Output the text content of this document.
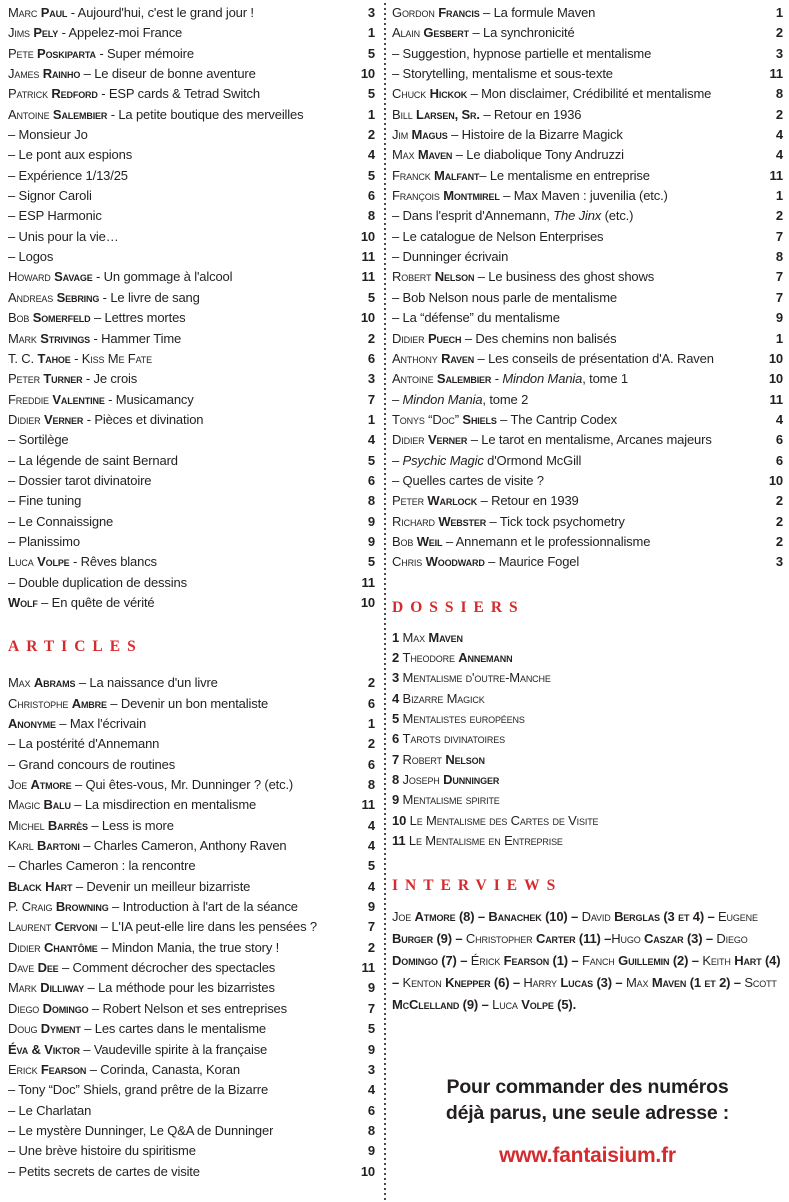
Marc Paul - Aujourd'hui, c'est le grand jour !	3
Jims Pely - Appelez-moi France	1
Pete Poskiparta - Super mémoire	5
James Rainho – Le diseur de bonne aventure	10
Patrick Redford - ESP cards & Tetrad Switch	5
Antoine Salembier - La petite boutique des merveilles	1
– Monsieur Jo	2
– Le pont aux espions	4
– Expérience 1/13/25	5
– Signor Caroli	6
– ESP Harmonic	8
– Unis pour la vie…	10
– Logos	11
Howard Savage - Un gommage à l'alcool	11
Andreas Sebring - Le livre de sang	5
Bob Somerfeld – Lettres mortes	10
Mark Strivings - Hammer Time	2
T. C. Tahoe - Kiss Me Fate	6
Peter Turner - Je crois	3
Freddie Valentine - Musicamancy	7
Didier Verner - Pièces et divination	1
– Sortilège	4
– La légende de saint Bernard	5
– Dossier tarot divinatoire	6
– Fine tuning	8
– Le Connaissigne	9
– Planissimo	9
Luca Volpe - Rêves blancs	5
– Double duplication de dessins	11
Wolf – En quête de vérité	10
ARTICLES
Max Abrams – La naissance d'un livre	2
Christophe Ambre – Devenir un bon mentaliste	6
Anonyme – Max l'écrivain	1
– La postérité d'Annemann	2
– Grand concours de routines	6
Joe Atmore – Qui êtes-vous, Mr. Dunninger ? (etc.)	8
Magic Balu – La misdirection en mentalisme	11
Michel Barrès – Less is more	4
Karl Bartoni – Charles Cameron, Anthony Raven	4
– Charles Cameron : la rencontre	5
Black Hart – Devenir un meilleur bizarriste	4
P. Craig Browning – Introduction à l'art de la séance	9
Laurent Cervoni – L'IA peut-elle lire dans les pensées ?	7
Didier Chantôme – Mindon Mania, the true story !	2
Dave Dee – Comment décrocher des spectacles	11
Mark Dilliway – La méthode pour les bizarristes	9
Diego Domingo – Robert Nelson et ses entreprises	7
Doug Dyment – Les cartes dans le mentalisme	5
Éva & Viktor – Vaudeville spirite à la française	9
Erick Fearson – Corinda, Canasta, Koran	3
– Tony “Doc” Shiels, grand prêtre de la Bizarre	4
– Le Charlatan	6
– Le mystère Dunninger, Le Q&A de Dunninger	8
– Une brève histoire du spiritisme	9
– Petits secrets de cartes de visite	10
Gordon Francis – La formule Maven	1
Alain Gesbert – La synchronicité	2
– Suggestion, hypnose partielle et mentalisme	3
– Storytelling, mentalisme et sous-texte	11
Chuck Hickok – Mon disclaimer, Crédibilité et mentalisme	8
Bill Larsen, Sr. – Retour en 1936	2
Jim Magus – Histoire de la Bizarre Magick	4
Max Maven – Le diabolique Tony Andruzzi	4
Franck Malfant– Le mentalisme en entreprise	11
François Montmirel – Max Maven : juvenilia (etc.)	1
– Dans l'esprit d'Annemann, The Jinx (etc.)	2
– Le catalogue de Nelson Enterprises	7
– Dunninger écrivain	8
Robert Nelson – Le business des ghost shows	7
– Bob Nelson nous parle de mentalisme	7
– La “défense” du mentalisme	9
Didier Puech – Des chemins non balisés	1
Anthony Raven – Les conseils de présentation d'A. Raven	10
Antoine Salembier - Mindon Mania, tome 1	10
– Mindon Mania, tome 2	11
Tonys “Doc” Shiels – The Cantrip Codex	4
Didier Verner – Le tarot en mentalisme, Arcanes majeurs	6
– Psychic Magic d'Ormond McGill	6
– Quelles cartes de visite ?	10
Peter Warlock – Retour en 1939	2
Richard Webster – Tick tock psychometry	2
Bob Weil – Annemann et le professionnalisme	2
Chris Woodward – Maurice Fogel	3
DOSSIERS
1 Max Maven
2 Theodore Annemann
3 Mentalisme d'outre-Manche
4 Bizarre Magick
5 Mentalistes européens
6 Tarots divinatoires
7 Robert Nelson
8 Joseph Dunninger
9 Mentalisme spirite
10 Le Mentalisme des Cartes de Visite
11 Le Mentalisme en Entreprise
INTERVIEWS

Joe Atmore (8) – Banachek (10) – David Berglas (3 et 4) – Eugene Burger (9) – Christopher Carter (11) –Hugo Caszar (3) – Diego Domingo (7) – Érick Fearson (1) – Fanch Guillemin (2) – Keith Hart (4) – Kenton Knepper (6) – Harry Lucas (3) – Max Maven (1 et 2) – Scott McClelland (9) – Luca Volpe (5).

Pour commander des numéros
déjà parus, une seule adresse :
www.fantaisium.fr
